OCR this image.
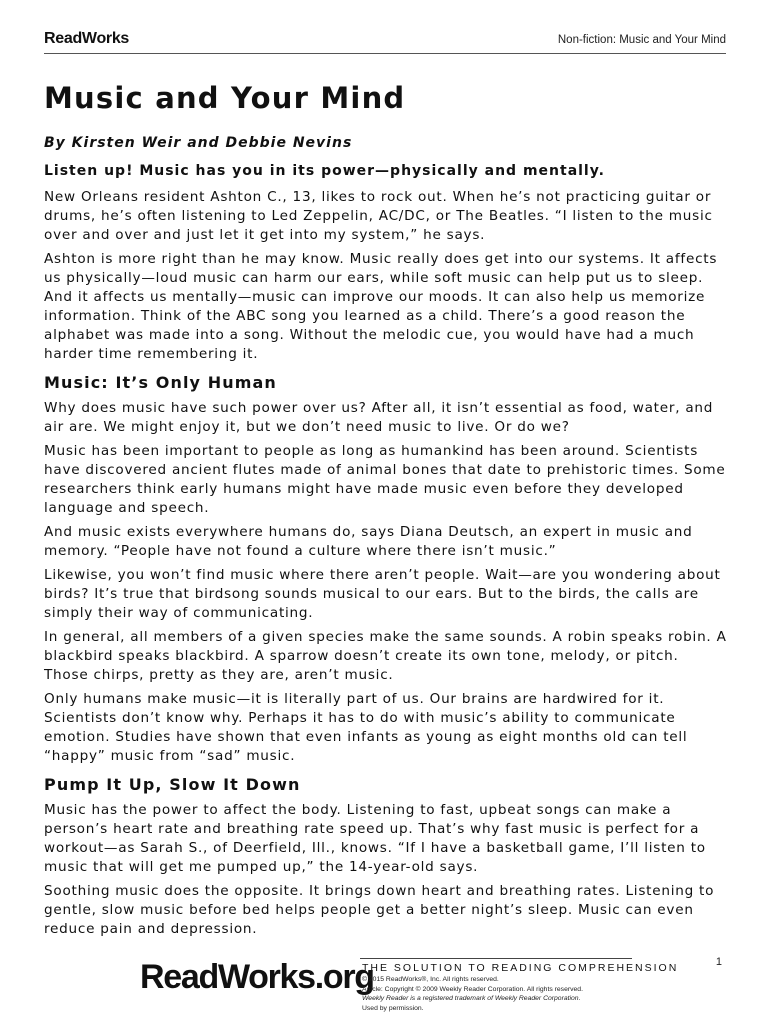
ReadWorks	Non-fiction: Music and Your Mind
Music and Your Mind

By Kirsten Weir and Debbie Nevins

Listen up! Music has you in its power—physically and mentally.

New Orleans resident Ashton C., 13, likes to rock out. When he’s not practicing guitar or drums, he’s often listening to Led Zeppelin, AC/DC, or The Beatles. “I listen to the music over and over and just let it get into my system,” he says.

Ashton is more right than he may know. Music really does get into our systems. It affects us physically—loud music can harm our ears, while soft music can help put us to sleep. And it affects us mentally—music can improve our moods. It can also help us memorize information. Think of the ABC song you learned as a child. There’s a good reason the alphabet was made into a song. Without the melodic cue, you would have had a much harder time remembering it.

Music: It’s Only Human

Why does music have such power over us? After all, it isn’t essential as food, water, and air are. We might enjoy it, but we don’t need music to live. Or do we?

Music has been important to people as long as humankind has been around. Scientists have discovered ancient flutes made of animal bones that date to prehistoric times. Some researchers think early humans might have made music even before they developed language and speech.

And music exists everywhere humans do, says Diana Deutsch, an expert in music and memory. “People have not found a culture where there isn’t music.”

Likewise, you won’t find music where there aren’t people. Wait—are you wondering about birds? It’s true that birdsong sounds musical to our ears. But to the birds, the calls are simply their way of communicating.

In general, all members of a given species make the same sounds. A robin speaks robin. A blackbird speaks blackbird. A sparrow doesn’t create its own tone, melody, or pitch. Those chirps, pretty as they are, aren’t music.

Only humans make music—it is literally part of us. Our brains are hardwired for it. Scientists don’t know why. Perhaps it has to do with music’s ability to communicate emotion. Studies have shown that even infants as young as eight months old can tell “happy” music from “sad” music.

Pump It Up, Slow It Down

Music has the power to affect the body. Listening to fast, upbeat songs can make a person’s heart rate and breathing rate speed up. That’s why fast music is perfect for a workout—as Sarah S., of Deerfield, Ill., knows. “If I have a basketball game, I’ll listen to music that will get me pumped up,” the 14-year-old says.

Soothing music does the opposite. It brings down heart and breathing rates. Listening to gentle, slow music before bed helps people get a better night’s sleep. Music can even reduce pain and depression.

1
ReadWorks.org
THE SOLUTION TO READING COMPREHENSION
© 2015 ReadWorks®, Inc. All rights reserved.
Article: Copyright © 2009 Weekly Reader Corporation. All rights reserved.
Weekly Reader is a registered trademark of Weekly Reader Corporation.
Used by permission.
